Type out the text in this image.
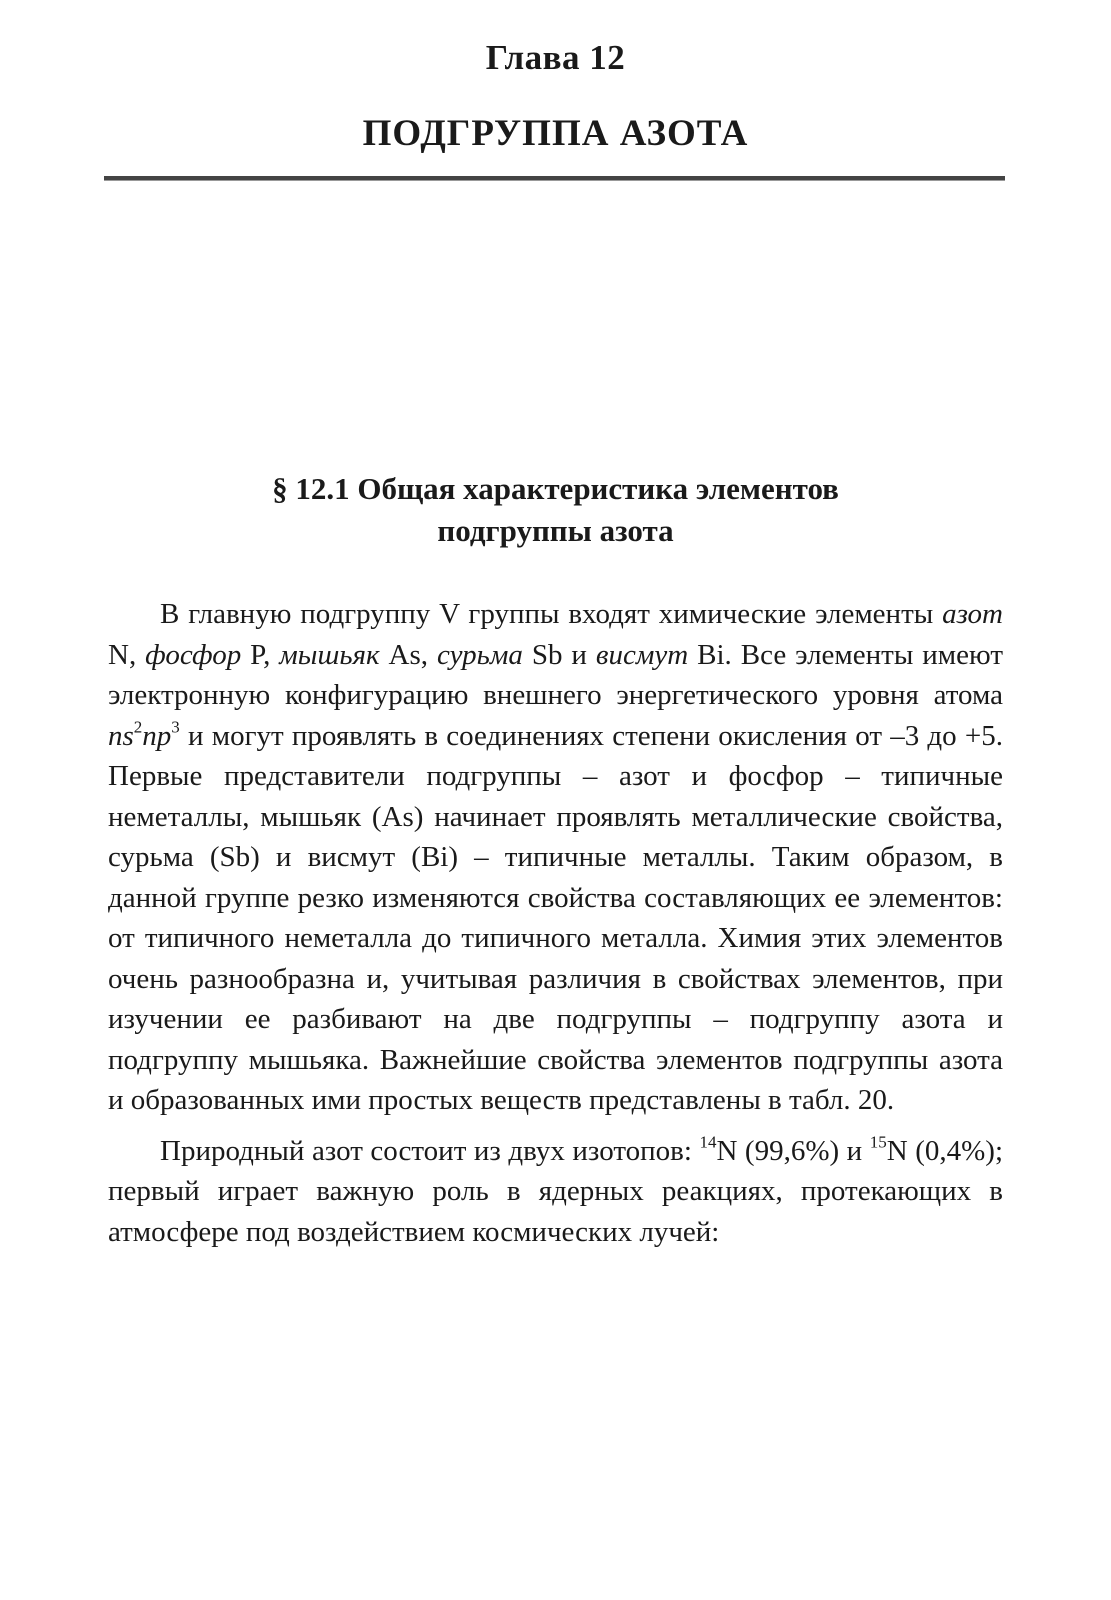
Глава 12
ПОДГРУППА АЗОТА
§ 12.1 Общая характеристика элементов
подгруппы азота

В главную подгруппу V группы входят химические элементы азот N, фосфор P, мышьяк As, сурьма Sb и висмут Bi. Все элементы имеют электронную конфигурацию внешнего энергетического уровня атома $ns^2np^3$ и могут проявлять в соединениях степени окисления от –3 до +5. Первые представители подгруппы – азот и фосфор – типичные неметаллы, мышьяк (As) начинает проявлять металлические свойства, сурьма (Sb) и висмут (Bi) – типичные металлы. Таким образом, в данной группе резко изменяются свойства составляющих ее элементов: от типичного неметалла до типичного металла. Химия этих элементов очень разнообразна и, учитывая различия в свойствах элементов, при изучении ее разбивают на две подгруппы – подгруппу азота и подгруппу мышьяка. Важнейшие свойства элементов подгруппы азота и образованных ими простых веществ представлены в табл. 20.

Природный азот состоит из двух изотопов: $^{14}$N (99,6%) и $^{15}$N (0,4%); первый играет важную роль в ядерных реакциях, протекающих в атмосфере под воздействием космических лучей:
